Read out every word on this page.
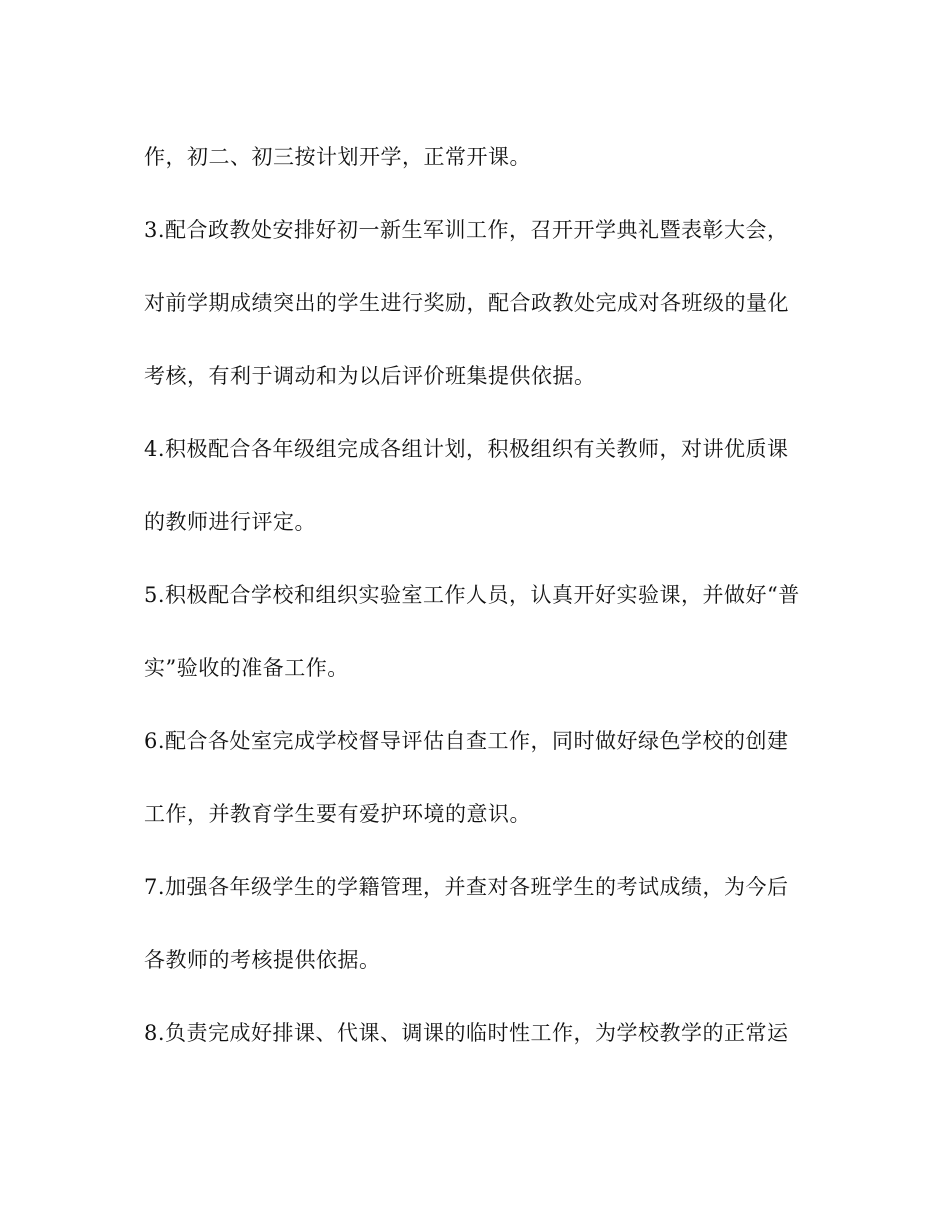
作，初二、初三按计划开学，正常开课。
3.配合政教处安排好初一新生军训工作，召开开学典礼暨表彰大会，
对前学期成绩突出的学生进行奖励，配合政教处完成对各班级的量化
考核，有利于调动和为以后评价班集提供依据。
4.积极配合各年级组完成各组计划，积极组织有关教师，对讲优质课
的教师进行评定。
5.积极配合学校和组织实验室工作人员，认真开好实验课，并做好“普
实”验收的准备工作。
6.配合各处室完成学校督导评估自查工作，同时做好绿色学校的创建
工作，并教育学生要有爱护环境的意识。
7.加强各年级学生的学籍管理，并查对各班学生的考试成绩，为今后
各教师的考核提供依据。
8.负责完成好排课、代课、调课的临时性工作，为学校教学的正常运
